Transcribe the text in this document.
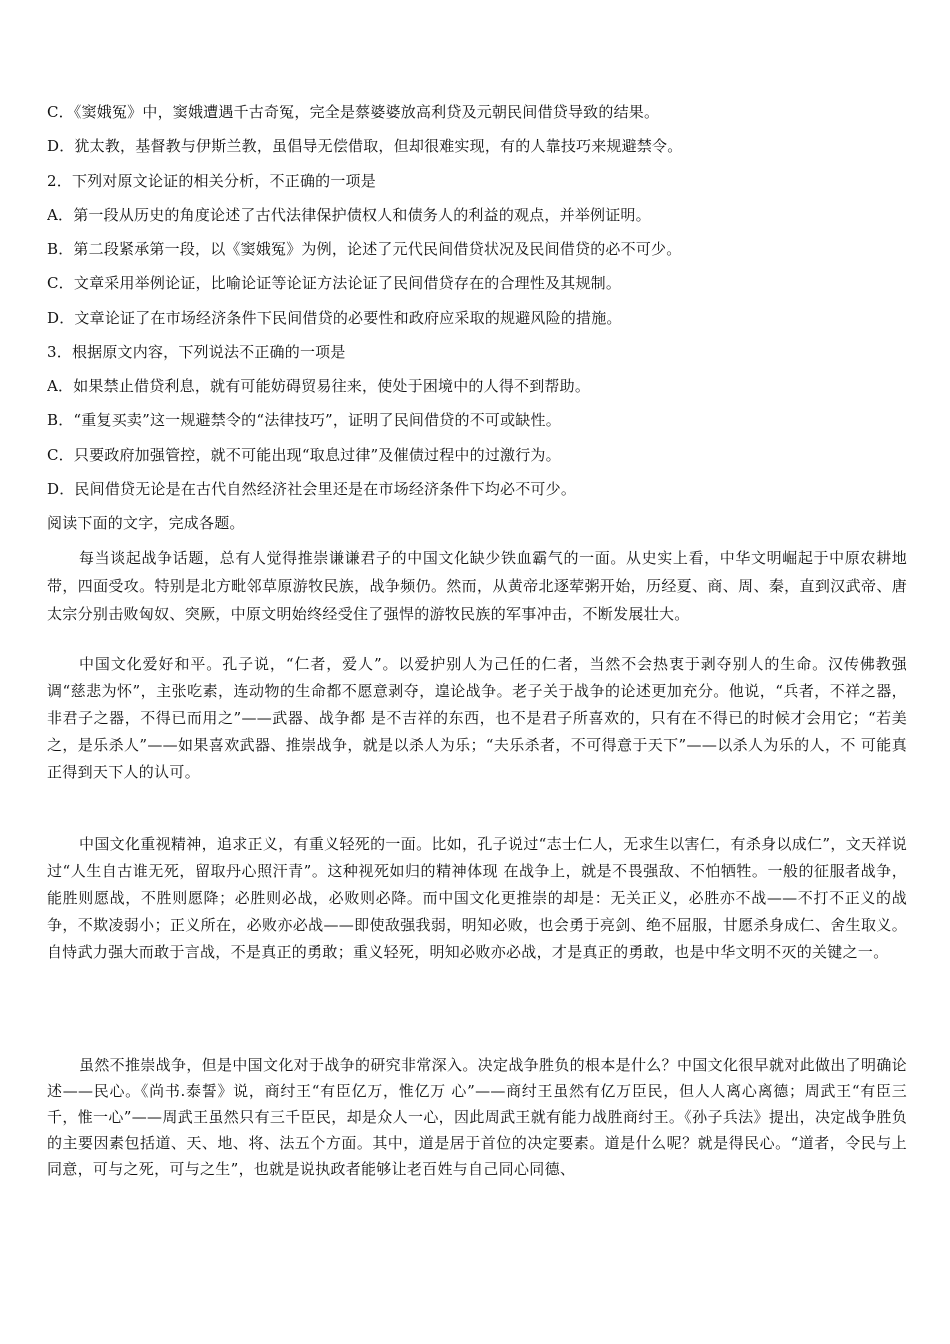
C．《窦娥冤》中，窦娥遭遇千古奇冤，完全是蔡婆婆放高利贷及元朝民间借贷导致的结果。
D．犹太教，基督教与伊斯兰教，虽倡导无偿借取，但却很难实现，有的人靠技巧来规避禁令。
2．下列对原文论证的相关分析，不正确的一项是
A．第一段从历史的角度论述了古代法律保护债权人和债务人的利益的观点，并举例证明。
B．第二段紧承第一段，以《窦娥冤》为例，论述了元代民间借贷状况及民间借贷的必不可少。
C．文章采用举例论证，比喻论证等论证方法论证了民间借贷存在的合理性及其规制。
D．文章论证了在市场经济条件下民间借贷的必要性和政府应采取的规避风险的措施。
3．根据原文内容，下列说法不正确的一项是
A．如果禁止借贷利息，就有可能妨碍贸易往来，使处于困境中的人得不到帮助。
B．“重复买卖”这一规避禁令的“法律技巧”，证明了民间借贷的不可或缺性。
C．只要政府加强管控，就不可能出现“取息过律”及催债过程中的过激行为。
D．民间借贷无论是在古代自然经济社会里还是在市场经济条件下均必不可少。
阅读下面的文字，完成各题。
每当谈起战争话题，总有人觉得推崇谦谦君子的中国文化缺少铁血霸气的一面。从史实上看，中华文明崛起于中原农耕地带，四面受攻。特别是北方毗邻草原游牧民族，战争频仍。然而，从黄帝北逐荤粥开始，历经夏、商、周、秦，直到汉武帝、唐太宗分别击败匈奴、突厥，中原文明始终经受住了强悍的游牧民族的军事冲击，不断发展壮大。
中国文化爱好和平。孔子说，“仁者，爱人”。以爱护别人为己任的仁者，当然不会热衷于剥夺别人的生命。汉传佛教强调“慈悲为怀”，主张吃素，连动物的生命都不愿意剥夺，遑论战争。老子关于战争的论述更加充分。他说，“兵者，不祥之器，非君子之器，不得已而用之”——武器、战争都 是不吉祥的东西，也不是君子所喜欢的，只有在不得已的时候才会用它；“若美之，是乐杀人”——如果喜欢武器、推崇战争，就是以杀人为乐；“夫乐杀者，不可得意于天下”——以杀人为乐的人，不 可能真正得到天下人的认可。
中国文化重视精神，追求正义，有重义轻死的一面。比如，孔子说过“志士仁人，无求生以害仁，有杀身以成仁”，文天祥说过“人生自古谁无死，留取丹心照汗青”。这种视死如归的精神体现 在战争上，就是不畏强敌、不怕牺牲。一般的征服者战争，能胜则愿战，不胜则愿降；必胜则必战，必败则必降。而中国文化更推崇的却是：无关正义，必胜亦不战——不打不正义的战争，不欺凌弱小；正义所在，必败亦必战——即使敌强我弱，明知必败，也会勇于亮剑、绝不屈服，甘愿杀身成仁、舍生取义。自恃武力强大而敢于言战，不是真正的勇敢；重义轻死，明知必败亦必战，才是真正的勇敢，也是中华文明不灭的关键之一。
虽然不推崇战争，但是中国文化对于战争的研究非常深入。决定战争胜负的根本是什么？中国文化很早就对此做出了明确论述——民心。《尚书.泰誓》说，商纣王“有臣亿万，惟亿万 心”——商纣王虽然有亿万臣民，但人人离心离德；周武王“有臣三千，惟一心”——周武王虽然只有三千臣民，却是众人一心，因此周武王就有能力战胜商纣王。《孙子兵法》提出，决定战争胜负的主要因素包括道、天、地、将、法五个方面。其中，道是居于首位的决定要素。道是什么呢？就是得民心。“道者，令民与上同意，可与之死，可与之生”，也就是说执政者能够让老百姓与自己同心同德、
